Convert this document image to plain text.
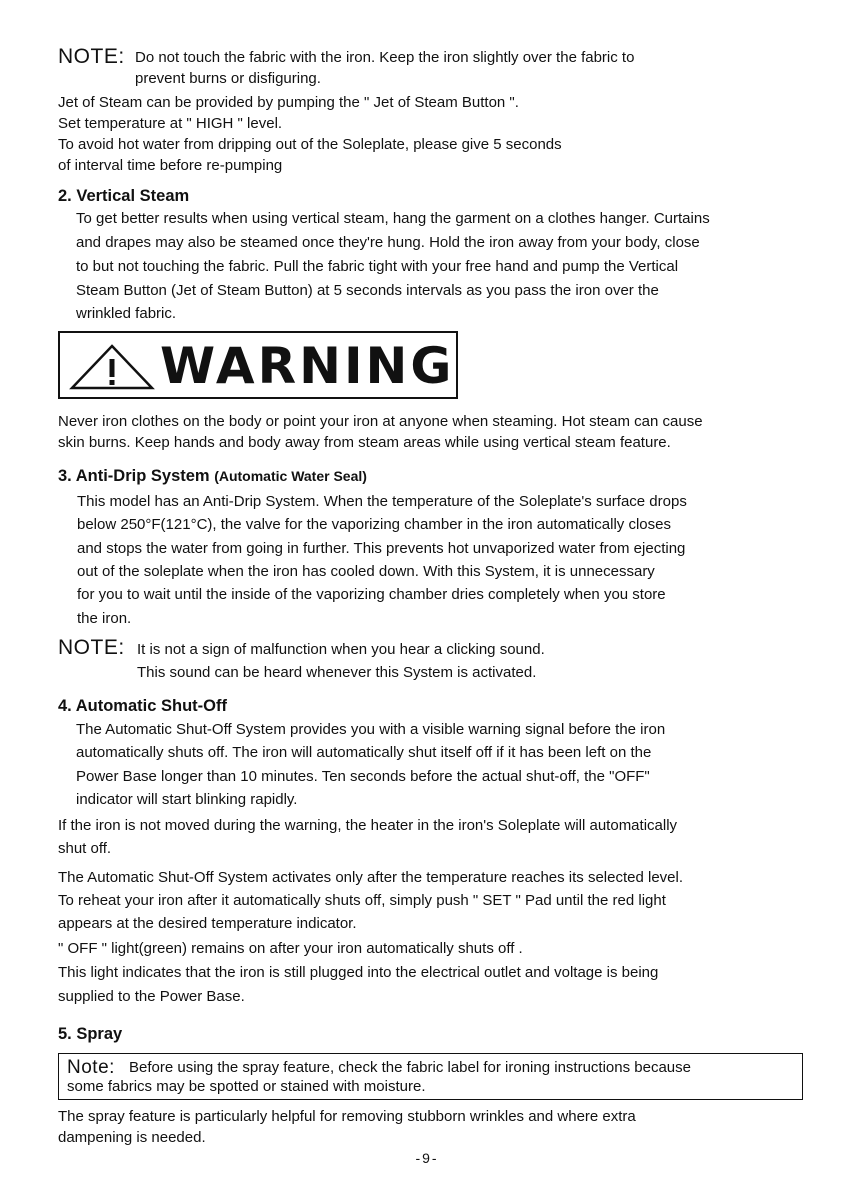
NOTE: Do not touch the fabric with the iron. Keep the iron slightly over the fabric to
prevent burns or disfiguring.
Jet of Steam can be provided by pumping the " Jet of Steam Button ".
Set temperature at " HIGH " level.
To avoid hot water from dripping out of the Soleplate, please give 5 seconds
of interval time before re-pumping
2. Vertical Steam
To get better results when using vertical steam, hang the garment on a clothes hanger. Curtains
and drapes may also be steamed once they're hung. Hold the iron away from your body, close
to but not touching the fabric. Pull the fabric tight with your free hand and pump the Vertical
Steam Button (Jet of Steam Button) at 5 seconds intervals as you pass the iron over the
wrinkled fabric.
WARNING
Never iron clothes on the body or point your iron at anyone when steaming. Hot steam can cause
skin burns. Keep hands and body away from steam areas while using vertical steam feature.
3. Anti-Drip System (Automatic Water Seal)
This model has an Anti-Drip System. When the temperature of the Soleplate's surface drops
below 250°F(121°C), the valve for the vaporizing chamber in the iron automatically closes
and stops the water from going in further. This prevents hot unvaporized water from ejecting
out of the soleplate when the iron has cooled down. With this System, it is unnecessary
for you to wait until the inside of the vaporizing chamber dries completely when you store
the iron.
NOTE: It is not a sign of malfunction when you hear a clicking sound.
This sound can be heard whenever this System is activated.
4. Automatic Shut-Off
The Automatic Shut-Off System provides you with a visible warning signal before the iron
automatically shuts off. The iron will automatically shut itself off if it has been left on the
Power Base longer than 10 minutes. Ten seconds before the actual shut-off, the "OFF"
indicator will start blinking rapidly.
If the iron is not moved during the warning, the heater in the iron's Soleplate will automatically
shut off.
The Automatic Shut-Off System activates only after the temperature reaches its selected level.
To reheat your iron after it automatically shuts off, simply push " SET " Pad until the red light
appears at the desired temperature indicator.
" OFF " light(green) remains on after your iron automatically shuts off .
This light indicates that the iron is still plugged into the electrical outlet and voltage is being
supplied to the Power Base.
5. Spray
Note: Before using the spray feature, check the fabric label for ironing instructions because
some fabrics may be spotted or stained with moisture.
The spray feature is particularly helpful for removing stubborn wrinkles and where extra
dampening is needed.
-9-
